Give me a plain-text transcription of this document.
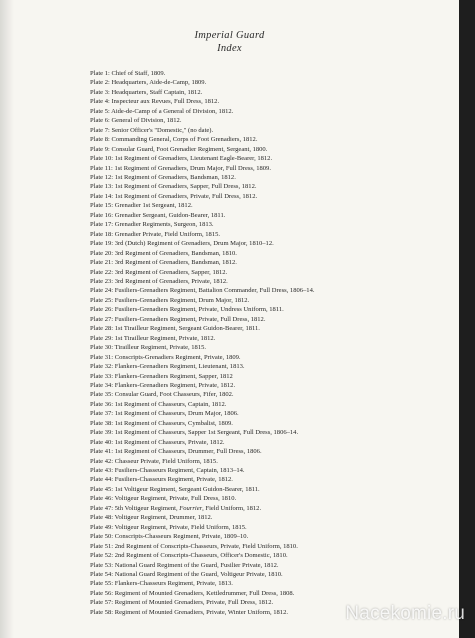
Imperial Guard
Index
Plate 1: Chief of Staff, 1809.
Plate 2: Headquarters, Aide-de-Camp, 1809.
Plate 3: Headquarters, Staff Captain, 1812.
Plate 4: Inspecteur aux Revues, Full Dress, 1812.
Plate 5: Aide-de-Camp of a General of Division, 1812.
Plate 6: General of Division, 1812.
Plate 7: Senior Officer's "Domestic," (no date).
Plate 8: Commanding General, Corps of Foot Grenadiers, 1812.
Plate 9: Consular Guard, Foot Grenadier Regiment, Sergeant, 1800.
Plate 10: 1st Regiment of Grenadiers, Lieutenant Eagle-Bearer, 1812.
Plate 11: 1st Regiment of Grenadiers, Drum Major, Full Dress, 1809.
Plate 12: 1st Regiment of Grenadiers, Bandsman, 1812.
Plate 13: 1st Regiment of Grenadiers, Sapper, Full Dress, 1812.
Plate 14: 1st Regiment of Grenadiers, Private, Full Dress, 1812.
Plate 15: Grenadier 1st Sergeant, 1812.
Plate 16: Grenadier Sergeant, Guidon-Bearer, 1811.
Plate 17: Grenadier Regiments, Surgeon, 1813.
Plate 18: Grenadier Private, Field Uniform, 1815.
Plate 19: 3rd (Dutch) Regiment of Grenadiers, Drum Major, 1810–12.
Plate 20: 3rd Regiment of Grenadiers, Bandsman, 1810.
Plate 21: 3rd Regiment of Grenadiers, Bandsman, 1812.
Plate 22: 3rd Regiment of Grenadiers, Sapper, 1812.
Plate 23: 3rd Regiment of Grenadiers, Private, 1812.
Plate 24: Fusiliers-Grenadiers Regiment, Battalion Commander, Full Dress, 1806–14.
Plate 25: Fusiliers-Grenadiers Regiment, Drum Major, 1812.
Plate 26: Fusiliers-Grenadiers Regiment, Private, Undress Uniform, 1811.
Plate 27: Fusiliers-Grenadiers Regiment, Private, Full Dress, 1812.
Plate 28: 1st Tirailleur Regiment, Sergeant Guidon-Bearer, 1811.
Plate 29: 1st Tirailleur Regiment, Private, 1812.
Plate 30: Tirailleur Regiment, Private, 1815.
Plate 31: Conscripts-Grenadiers Regiment, Private, 1809.
Plate 32: Flankers-Grenadiers Regiment, Lieutenant, 1813.
Plate 33: Flankers-Grenadiers Regiment, Sapper, 1812
Plate 34: Flankers-Grenadiers Regiment, Private, 1812.
Plate 35: Consular Guard, Foot Chasseurs, Fifer, 1802.
Plate 36: 1st Regiment of Chasseurs, Captain, 1812.
Plate 37: 1st Regiment of Chasseurs, Drum Major, 1806.
Plate 38: 1st Regiment of Chasseurs, Cymbalist, 1809.
Plate 39: 1st Regiment of Chasseurs, Sapper 1st Sergeant, Full Dress, 1806–14.
Plate 40: 1st Regiment of Chasseurs, Private, 1812.
Plate 41: 1st Regiment of Chasseurs, Drummer, Full Dress, 1806.
Plate 42: Chasseur Private, Field Uniform, 1815.
Plate 43: Fusiliers-Chasseurs Regiment, Captain, 1813–14.
Plate 44: Fusiliers-Chasseurs Regiment, Private, 1812.
Plate 45: 1st Voltigeur Regiment, Sergeant Guidon-Bearer, 1811.
Plate 46: Voltigeur Regiment, Private, Full Dress, 1810.
Plate 47: 5th Voltigeur Regiment, Fourrier, Field Uniform, 1812.
Plate 48: Voltigeur Regiment, Drummer, 1812.
Plate 49: Voltigeur Regiment, Private, Field Uniform, 1815.
Plate 50: Conscripts-Chasseurs Regiment, Private, 1809–10.
Plate 51: 2nd Regiment of Conscripts-Chasseurs, Private, Field Uniform, 1810.
Plate 52: 2nd Regiment of Conscripts-Chasseurs, Officer's Domestic, 1810.
Plate 53: National Guard Regiment of the Guard, Fusilier Private, 1812.
Plate 54: National Guard Regiment of the Guard, Voltigeur Private, 1810.
Plate 55: Flankers-Chasseurs Regiment, Private, 1813.
Plate 56: Regiment of Mounted Grenadiers, Kettledrummer, Full Dress, 1808.
Plate 57: Regiment of Mounted Grenadiers, Private, Full Dress, 1812.
Plate 58: Regiment of Mounted Grenadiers, Private, Winter Uniform, 1812.	Nacekomie.ru
